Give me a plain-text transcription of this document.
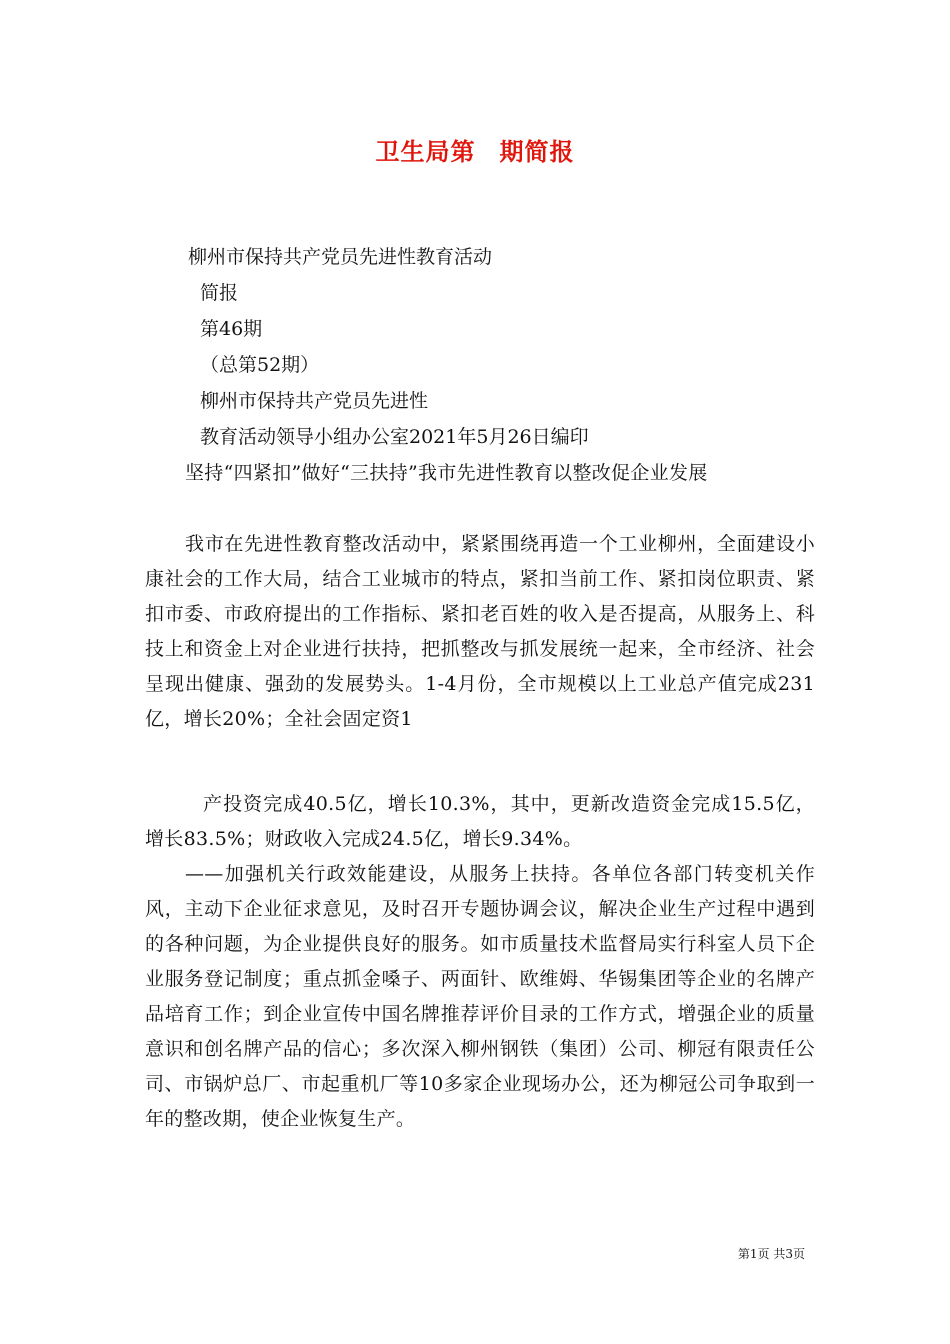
卫生局第 期简报
柳州市保持共产党员先进性教育活动
简报
第46期
（总第52期）
柳州市保持共产党员先进性
教育活动领导小组办公室2021年5月26日编印

坚持“四紧扣”做好“三扶持”我市先进性教育以整改促企业发展

我市在先进性教育整改活动中，紧紧围绕再造一个工业柳州，全面建设小康社会的工作大局，结合工业城市的特点，紧扣当前工作、紧扣岗位职责、紧扣市委、市政府提出的工作指标、紧扣老百姓的收入是否提高，从服务上、科技上和资金上对企业进行扶持，把抓整改与抓发展统一起来，全市经济、社会呈现出健康、强劲的发展势头。1-4月份，全市规模以上工业总产值完成231亿，增长20%；全社会固定资1

产投资完成40.5亿，增长10.3%，其中，更新改造资金完成15.5亿，增长83.5%；财政收入完成24.5亿，增长9.34%。

——加强机关行政效能建设，从服务上扶持。各单位各部门转变机关作风，主动下企业征求意见，及时召开专题协调会议，解决企业生产过程中遇到的各种问题，为企业提供良好的服务。如市质量技术监督局实行科室人员下企业服务登记制度；重点抓金嗓子、两面针、欧维姆、华锡集团等企业的名牌产品培育工作；到企业宣传中国名牌推荐评价目录的工作方式，增强企业的质量意识和创名牌产品的信心；多次深入柳州钢铁（集团）公司、柳冠有限责任公司、市锅炉总厂、市起重机厂等10多家企业现场办公，还为柳冠公司争取到一年的整改期，使企业恢复生产。

第1页 共3页
